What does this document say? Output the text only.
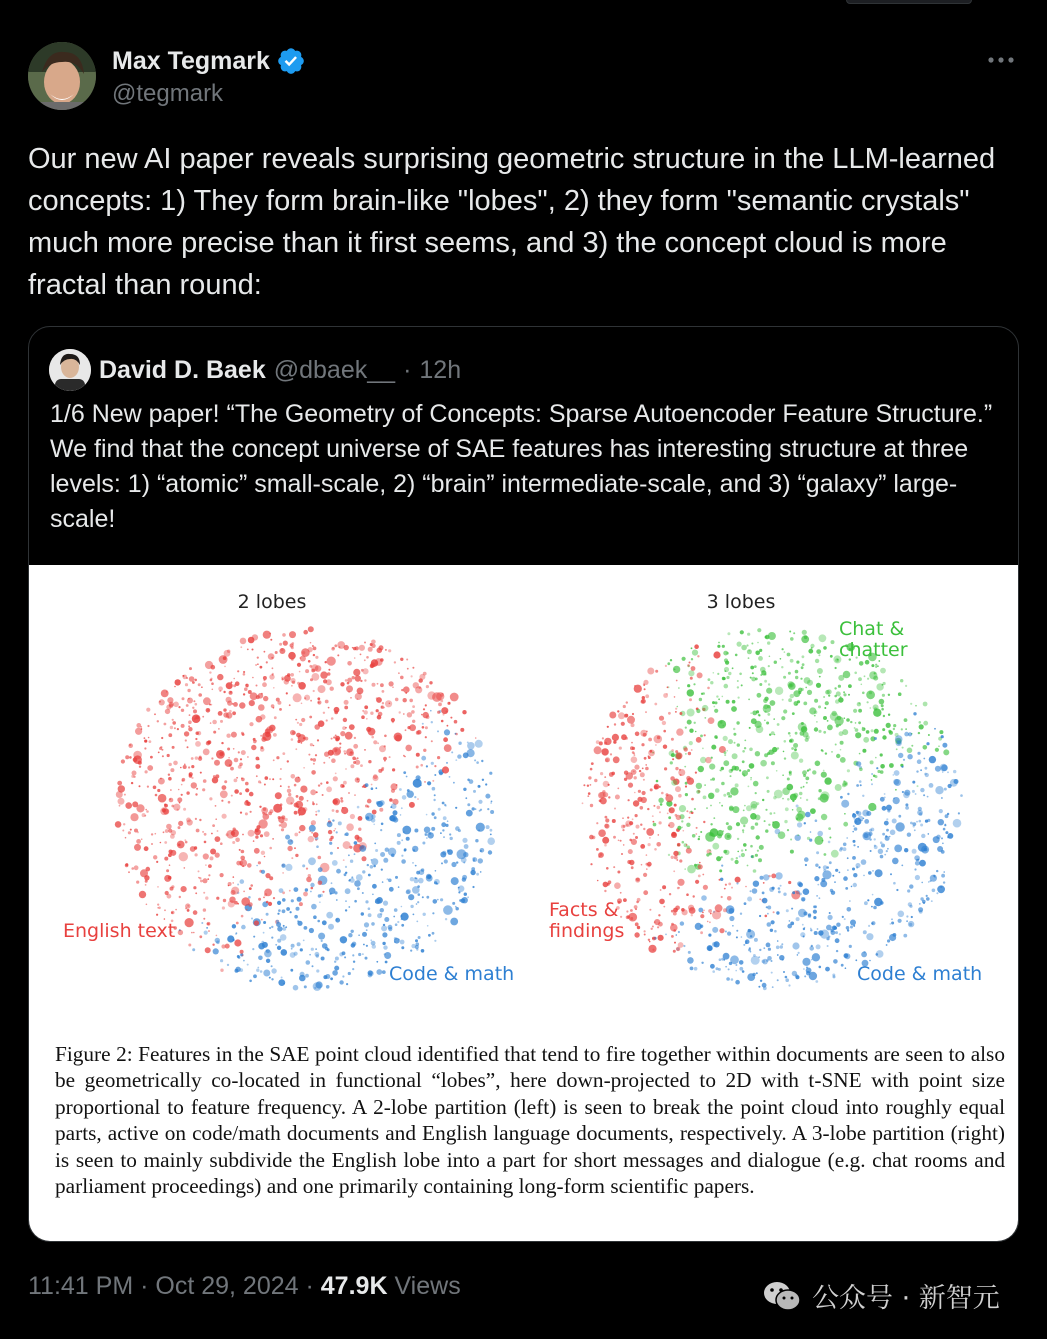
Max Tegmark
@tegmark
Our new AI paper reveals surprising geometric structure in the LLM-learned concepts: 1) They form brain-like "lobes", 2) they form "semantic crystals" much more precise than it first seems, and 3) the concept cloud is more fractal than round:
David D. Baek @dbaek__ · 12h
1/6 New paper! “The Geometry of Concepts: Sparse Autoencoder Feature Structure.” We find that the concept universe of SAE features has interesting structure at three levels: 1) “atomic” small-scale, 2) “brain” intermediate-scale, and 3) “galaxy” large-scale!
2 lobes	3 lobes
English text
Code & math
Chat &
chatter
Facts &
findings
Code & math
Figure 2: Features in the SAE point cloud identified that tend to fire together within documents are seen to also be geometrically co-located in functional “lobes”, here down-projected to 2D with t-SNE with point size proportional to feature frequency. A 2-lobe partition (left) is seen to break the point cloud into roughly equal parts, active on code/math documents and English language documents, respectively. A 3-lobe partition (right) is seen to mainly subdivide the English lobe into a part for short messages and dialogue (e.g. chat rooms and parliament proceedings) and one primarily containing long-form scientific papers.
11:41 PM · Oct 29, 2024 · 47.9K Views	公众号 · 新智元
